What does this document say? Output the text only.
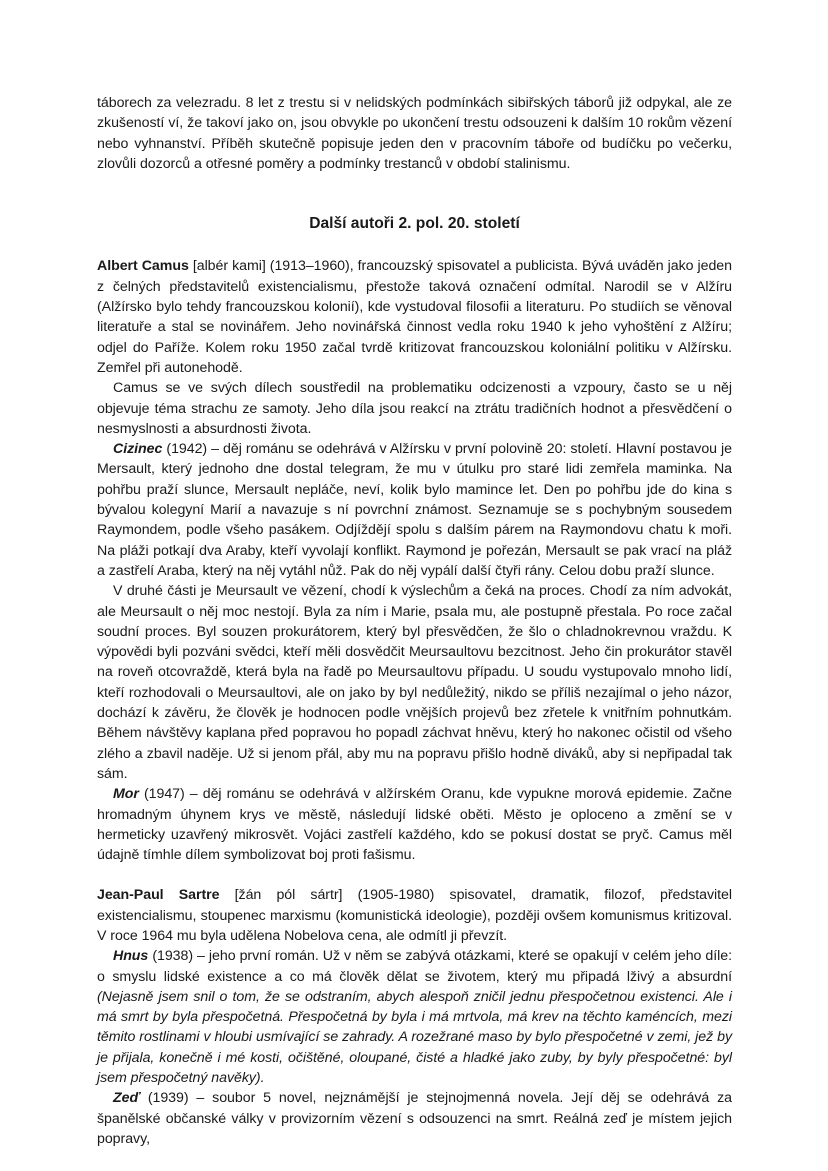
táborech za velezradu. 8 let z trestu si v nelidských podmínkách sibiřských táborů již odpykal, ale ze zkušeností ví, že takoví jako on, jsou obvykle po ukončení trestu odsouzeni k dalším 10 rokům vězení nebo vyhnanství. Příběh skutečně popisuje jeden den v pracovním táboře od budíčku po večerku, zlovůli dozorců a otřesné poměry a podmínky trestanců v období stalinismu.

Další autoři 2. pol. 20. století

Albert Camus [albér kami] (1913–1960), francouzský spisovatel a publicista. Bývá uváděn jako jeden z čelných představitelů existencialismu, přestože taková označení odmítal. Narodil se v Alžíru (Alžírsko bylo tehdy francouzskou kolonií), kde vystudoval filosofii a literaturu. Po studiích se věnoval literatuře a stal se novinářem. Jeho novinářská činnost vedla roku 1940 k jeho vyhoštění z Alžíru; odjel do Paříže. Kolem roku 1950 začal tvrdě kritizovat francouzskou koloniální politiku v Alžírsku. Zemřel při autonehodě.

Camus se ve svých dílech soustředil na problematiku odcizenosti a vzpoury, často se u něj objevuje téma strachu ze samoty. Jeho díla jsou reakcí na ztrátu tradičních hodnot a přesvědčení o nesmyslnosti a absurdnosti života.

Cizinec (1942) – děj románu se odehrává v Alžírsku v první polovině 20: století. Hlavní postavou je Mersault, který jednoho dne dostal telegram, že mu v útulku pro staré lidi zemřela maminka. Na pohřbu praží slunce, Mersault nepláče, neví, kolik bylo mamince let. Den po pohřbu jde do kina s bývalou kolegyní Marií a navazuje s ní povrchní známost. Seznamuje se s pochybným sousedem Raymondem, podle všeho pasákem. Odjíždějí spolu s dalším párem na Raymondovu chatu k moři. Na pláži potkají dva Araby, kteří vyvolají konflikt. Raymond je pořezán, Mersault se pak vrací na pláž a zastřelí Araba, který na něj vytáhl nůž. Pak do něj vypálí další čtyři rány. Celou dobu praží slunce.

V druhé části je Meursault ve vězení, chodí k výslechům a čeká na proces. Chodí za ním advokát, ale Meursault o něj moc nestojí. Byla za ním i Marie, psala mu, ale postupně přestala. Po roce začal soudní proces. Byl souzen prokurátorem, který byl přesvědčen, že šlo o chladnokrevnou vraždu. K výpovědi byli pozváni svědci, kteří měli dosvědčit Meursaultovu bezcitnost. Jeho čin prokurátor stavěl na roveň otcovraždě, která byla na řadě po Meursaultovu případu. U soudu vystupovalo mnoho lidí, kteří rozhodovali o Meursaultovi, ale on jako by byl nedůležitý, nikdo se příliš nezajímal o jeho názor, dochází k závěru, že člověk je hodnocen podle vnějších projevů bez zřetele k vnitřním pohnutkám. Během návštěvy kaplana před popravou ho popadl záchvat hněvu, který ho nakonec očistil od všeho zlého a zbavil naděje. Už si jenom přál, aby mu na popravu přišlo hodně diváků, aby si nepřipadal tak sám.

Mor (1947) – děj románu se odehrává v alžírském Oranu, kde vypukne morová epidemie. Začne hromadným úhynem krys ve městě, následují lidské oběti. Město je oploceno a změní se v hermeticky uzavřený mikrosvět. Vojáci zastřelí každého, kdo se pokusí dostat se pryč. Camus měl údajně tímhle dílem symbolizovat boj proti fašismu.

Jean-Paul Sartre [žán pól sártr] (1905-1980) spisovatel, dramatik, filozof, představitel existencialismu, stoupenec marxismu (komunistická ideologie), později ovšem komunismus kritizoval. V roce 1964 mu byla udělena Nobelova cena, ale odmítl ji převzít.

Hnus (1938) – jeho první román. Už v něm se zabývá otázkami, které se opakují v celém jeho díle: o smyslu lidské existence a co má člověk dělat se životem, který mu připadá lživý a absurdní (Nejasně jsem snil o tom, že se odstraním, abych alespoň zničil jednu přespočetnou existenci. Ale i má smrt by byla přespočetná. Přespočetná by byla i má mrtvola, má krev na těchto kaméncích, mezi těmito rostlinami v hloubi usmívající se zahrady. A rozežrané maso by bylo přespočetné v zemi, jež by je přijala, konečně i mé kosti, očištěné, oloupané, čisté a hladké jako zuby, by byly přespočetné: byl jsem přespočetný navěky).

Zeď (1939) – soubor 5 novel, nejznámější je stejnojmenná novela. Její děj se odehrává za španělské občanské války v provizorním vězení s odsouzenci na smrt. Reálná zeď je místem jejich popravy,
